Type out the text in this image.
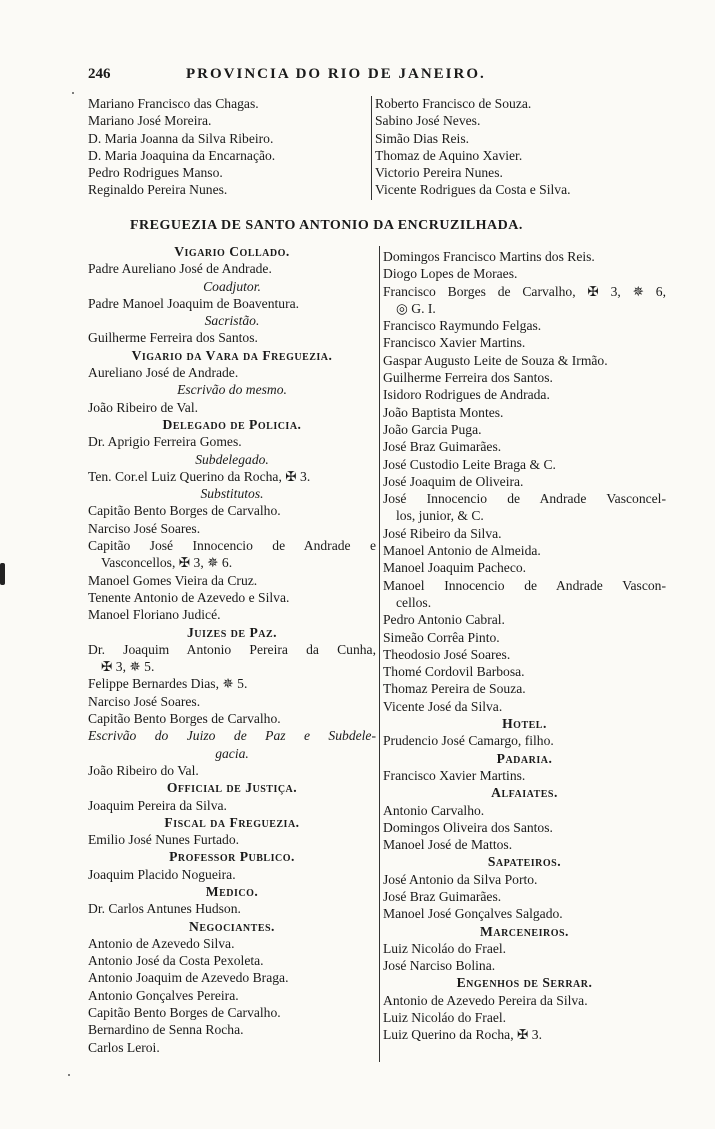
246	PROVINCIA DO RIO DE JANEIRO.
Mariano Francisco das Chagas.
Mariano José Moreira.
D. Maria Joanna da Silva Ribeiro.
D. Maria Joaquina da Encarnação.
Pedro Rodrigues Manso.
Reginaldo Pereira Nunes.
Roberto Francisco de Souza.
Sabino José Neves.
Simão Dias Reis.
Thomaz de Aquino Xavier.
Victorio Pereira Nunes.
Vicente Rodrigues da Costa e Silva.
FREGUEZIA DE SANTO ANTONIO DA ENCRUZILHADA.
Vigario Collado.
Padre Aureliano José de Andrade.
Coadjutor.
Padre Manoel Joaquim de Boaventura.
Sacristão.
Guilherme Ferreira dos Santos.
Vigario da Vara da Freguezia.
Aureliano José de Andrade.
Escrivão do mesmo.
João Ribeiro de Val.
Delegado de Policia.
Dr. Aprigio Ferreira Gomes.
Subdelegado.
Ten. Cor.el Luiz Querino da Rocha, ✠ 3.
Substitutos.
Capitão Bento Borges de Carvalho.
Narciso José Soares.
Capitão José Innocencio de Andrade e
Vasconcellos, ✠ 3, ✵ 6.
Manoel Gomes Vieira da Cruz.
Tenente Antonio de Azevedo e Silva.
Manoel Floriano Judicé.
Juizes de Paz.
Dr. Joaquim Antonio Pereira da Cunha,
✠ 3, ✵ 5.
Felippe Bernardes Dias, ✵ 5.
Narciso José Soares.
Capitão Bento Borges de Carvalho.
Escrivão do Juizo de Paz e Subdele-
gacia.
João Ribeiro do Val.
Official de Justiça.
Joaquim Pereira da Silva.
Fiscal da Freguezia.
Emilio José Nunes Furtado.
Professor Publico.
Joaquim Placido Nogueira.
Medico.
Dr. Carlos Antunes Hudson.
Negociantes.
Antonio de Azevedo Silva.
Antonio José da Costa Pexoleta.
Antonio Joaquim de Azevedo Braga.
Antonio Gonçalves Pereira.
Capitão Bento Borges de Carvalho.
Bernardino de Senna Rocha.
Carlos Leroi.
Domingos Francisco Martins dos Reis.
Diogo Lopes de Moraes.
Francisco Borges de Carvalho, ✠ 3, ✵ 6,
◎ G. I.
Francisco Raymundo Felgas.
Francisco Xavier Martins.
Gaspar Augusto Leite de Souza & Irmão.
Guilherme Ferreira dos Santos.
Isidoro Rodrigues de Andrada.
João Baptista Montes.
João Garcia Puga.
José Braz Guimarães.
José Custodio Leite Braga & C.
José Joaquim de Oliveira.
José Innocencio de Andrade Vasconcel-
los, junior, & C.
José Ribeiro da Silva.
Manoel Antonio de Almeida.
Manoel Joaquim Pacheco.
Manoel Innocencio de Andrade Vascon-
cellos.
Pedro Antonio Cabral.
Simeão Corrêa Pinto.
Theodosio José Soares.
Thomé Cordovil Barbosa.
Thomaz Pereira de Souza.
Vicente José da Silva.
Hotel.
Prudencio José Camargo, filho.
Padaria.
Francisco Xavier Martins.
Alfaiates.
Antonio Carvalho.
Domingos Oliveira dos Santos.
Manoel José de Mattos.
Sapateiros.
José Antonio da Silva Porto.
José Braz Guimarães.
Manoel José Gonçalves Salgado.
Marceneiros.
Luiz Nicoláo do Frael.
José Narciso Bolina.
Engenhos de Serrar.
Antonio de Azevedo Pereira da Silva.
Luiz Nicoláo do Frael.
Luiz Querino da Rocha, ✠ 3.
